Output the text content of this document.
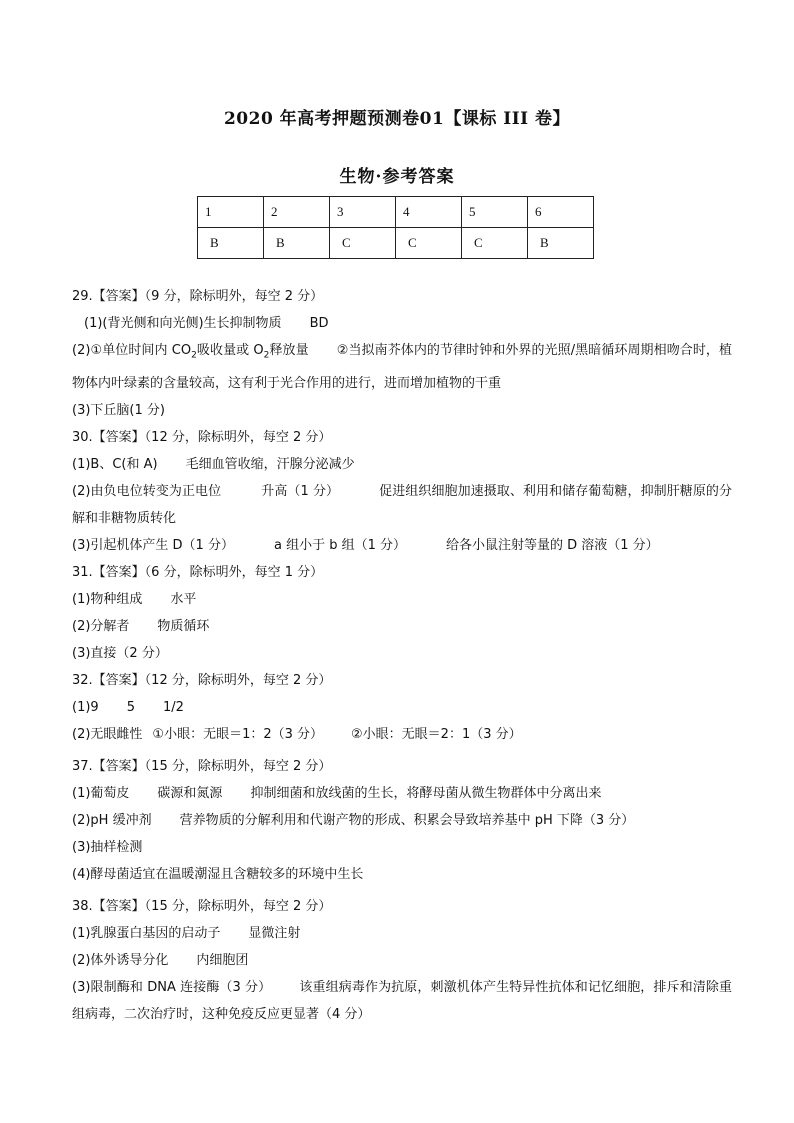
2020 年高考押题预测卷01【课标 III 卷】
生物·参考答案
1	2	3	4	5	6
B	B	C	C	C	B
29.【答案】（9 分，除标明外，每空 2 分）
(1)(背光侧和向光侧)生长抑制物质 BD
(2)①单位时间内 $CO_2$吸收量或 $O_2$释放量 ②当拟南芥体内的节律时钟和外界的光照/黑暗循环周期相吻合时，植物体内叶绿素的含量较高，这有利于光合作用的进行，进而增加植物的干重
(3)下丘脑(1 分)
30.【答案】（12 分，除标明外，每空 2 分）
(1)B、C(和 A) 毛细血管收缩，汗腺分泌减少
(2)由负电位转变为正电位	升高（1 分）	促进组织细胞加速摄取、利用和储存葡萄糖，抑制肝糖原的分解和非糖物质转化
(3)引起机体产生 D（1 分）	a 组小于 b 组（1 分）	给各小鼠注射等量的 D 溶液（1 分）
31.【答案】（6 分，除标明外，每空 1 分）
(1)物种组成 水平
(2)分解者 物质循环
(3)直接（2 分）
32.【答案】（12 分，除标明外，每空 2 分）
(1)9 5 1/2
(2)无眼雌性 ①小眼：无眼＝1：2（3 分） ②小眼：无眼＝2：1（3 分）
37.【答案】（15 分，除标明外，每空 2 分）
(1)葡萄皮 碳源和氮源 抑制细菌和放线菌的生长，将酵母菌从微生物群体中分离出来
(2)pH 缓冲剂 营养物质的分解利用和代谢产物的形成、积累会导致培养基中 pH 下降（3 分）
(3)抽样检测
(4)酵母菌适宜在温暖潮湿且含糖较多的环境中生长
38.【答案】（15 分，除标明外，每空 2 分）
(1)乳腺蛋白基因的启动子 显微注射
(2)体外诱导分化 内细胞团
(3)限制酶和 DNA 连接酶（3 分） 该重组病毒作为抗原，刺激机体产生特异性抗体和记忆细胞，排斥和清除重组病毒，二次治疗时，这种免疫反应更显著（4 分）
